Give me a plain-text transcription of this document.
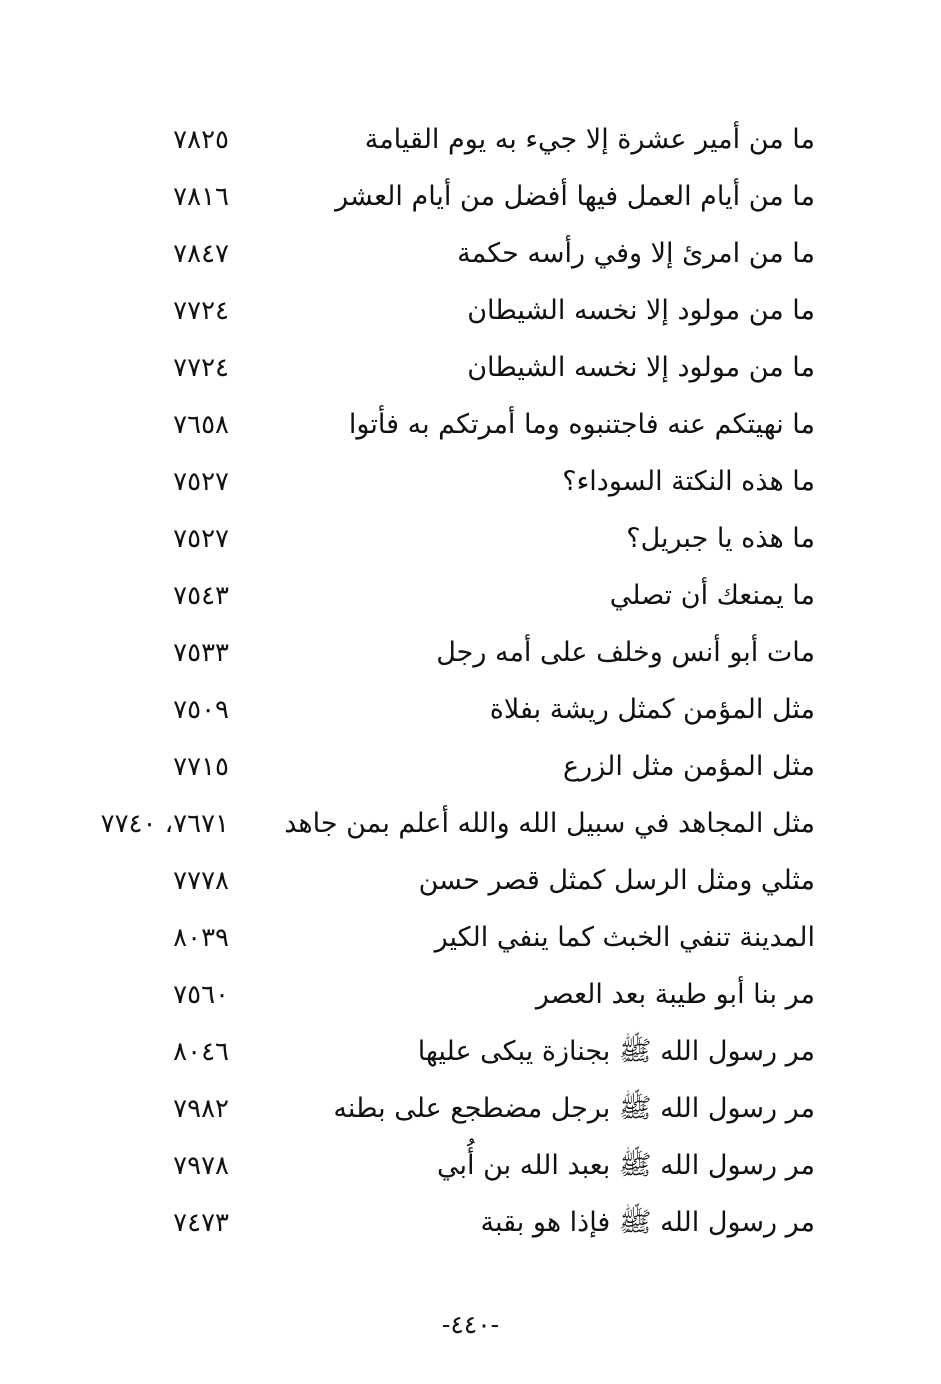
ما من أمير عشرة إلا جيء به يوم القيامة
٧٨٢٥
ما من أيام العمل فيها أفضل من أيام العشر
٧٨١٦
ما من امرئ إلا وفي رأسه حكمة
٧٨٤٧
ما من مولود إلا نخسه الشيطان
٧٧٢٤
ما من مولود إلا نخسه الشيطان
٧٧٢٤
ما نهيتكم عنه فاجتنبوه وما أمرتكم به فأتوا
٧٦٥٨
ما هذه النكتة السوداء؟
٧٥٢٧
ما هذه يا جبريل؟
٧٥٢٧
ما يمنعك أن تصلي
٧٥٤٣
مات أبو أنس وخلف على أمه رجل
٧٥٣٣
مثل المؤمن كمثل ريشة بفلاة
٧٥٠٩
مثل المؤمن مثل الزرع
٧٧١٥
مثل المجاهد في سبيل الله والله أعلم بمن جاهد
٧٦٧١، ٧٧٤٠
مثلي ومثل الرسل كمثل قصر حسن
٧٧٧٨
المدينة تنفي الخبث كما ينفي الكير
٨٠٣٩
مر بنا أبو طيبة بعد العصر
٧٥٦٠
مر رسول الله ﷺ بجنازة يبكى عليها
٨٠٤٦
مر رسول الله ﷺ برجل مضطجع على بطنه
٧٩٨٢
مر رسول الله ﷺ بعبد الله بن أُبي
٧٩٧٨
مر رسول الله ﷺ فإذا هو بقبة
٧٤٧٣
-٤٤٠-
